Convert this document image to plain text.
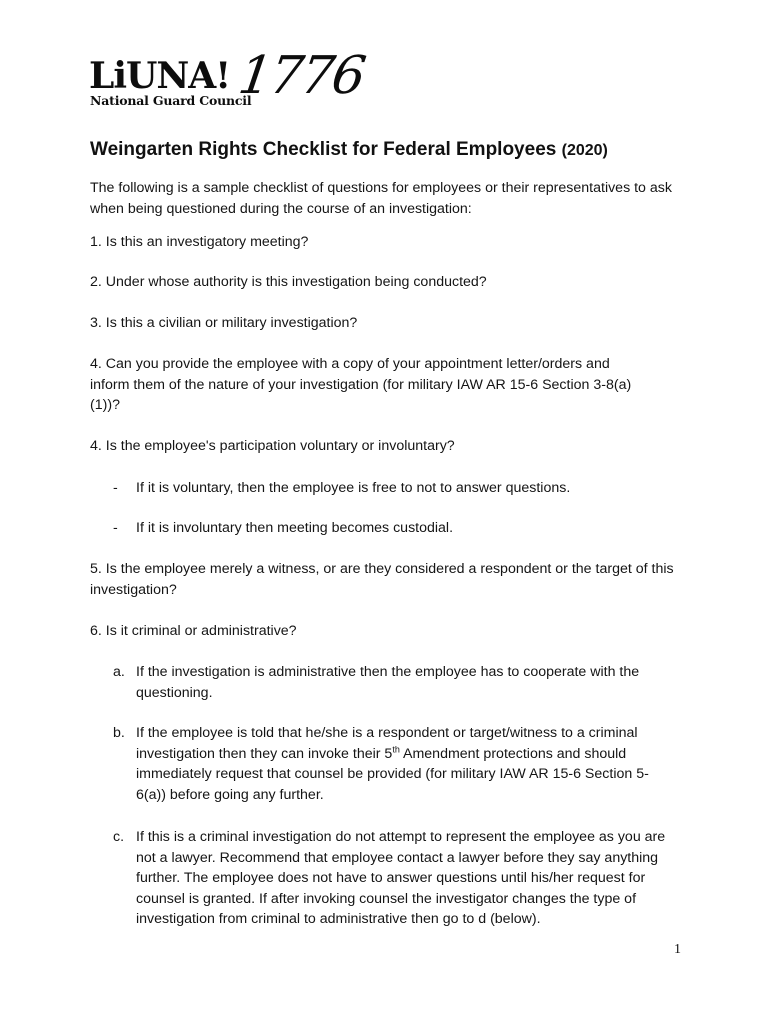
LiUNA! 1776
National Guard Council
Weingarten Rights Checklist for Federal Employees (2020)
The following is a sample checklist of questions for employees or their representatives to ask when being questioned during the course of an investigation:
1. Is this an investigatory meeting?
2. Under whose authority is this investigation being conducted?
3. Is this a civilian or military investigation?
4. Can you provide the employee with a copy of your appointment letter/orders and inform them of the nature of your investigation (for military IAW AR 15-6 Section 3-8(a)(1))?
4. Is the employee's participation voluntary or involuntary?
- If it is voluntary, then the employee is free to not to answer questions.
- If it is involuntary then meeting becomes custodial.
5. Is the employee merely a witness, or are they considered a respondent or the target of this investigation?
6. Is it criminal or administrative?
a. If the investigation is administrative then the employee has to cooperate with the questioning.
b. If the employee is told that he/she is a respondent or target/witness to a criminal investigation then they can invoke their 5th Amendment protections and should immediately request that counsel be provided (for military IAW AR 15-6 Section 5-6(a)) before going any further.
c. If this is a criminal investigation do not attempt to represent the employee as you are not a lawyer. Recommend that employee contact a lawyer before they say anything further. The employee does not have to answer questions until his/her request for counsel is granted. If after invoking counsel the investigator changes the type of investigation from criminal to administrative then go to d (below).
1
